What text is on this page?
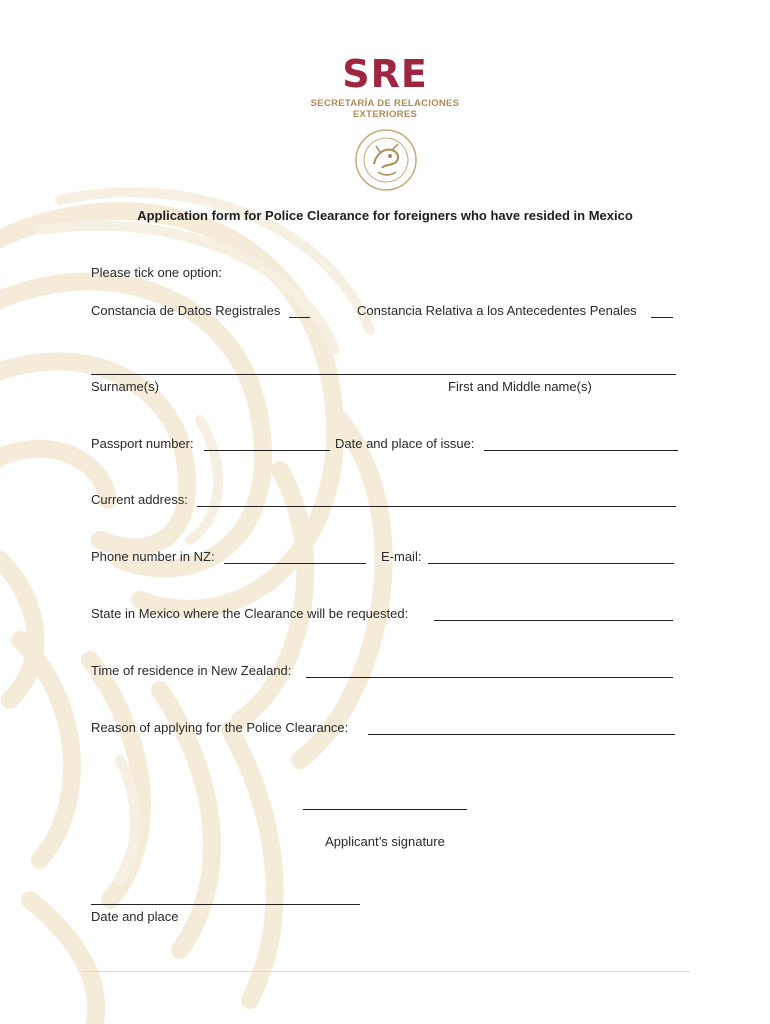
SRE
SECRETARÍA DE RELACIONES
EXTERIORES
Application form for Police Clearance for foreigners who have resided in Mexico
Please tick one option:
Constancia de Datos Registrales	Constancia Relativa a los Antecedentes Penales
Surname(s)	First and Middle name(s)
Passport number:	Date and place of issue:
Current address:
Phone number in NZ:	E-mail:
State in Mexico where the Clearance will be requested:
Time of residence in New Zealand:
Reason of applying for the Police Clearance:
Applicant’s signature
Date and place
